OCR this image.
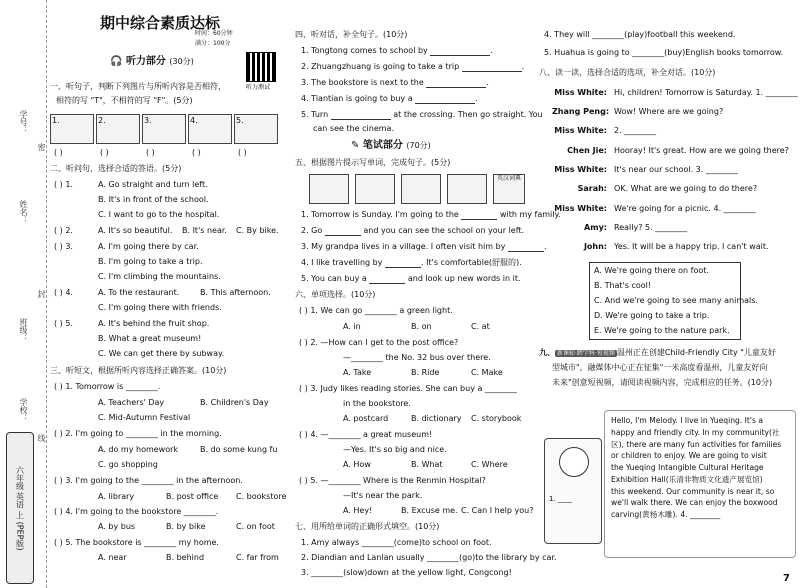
学号：
姓名：
班级：
学校：
密
封
线
六年级 英语 上 (PEP版)
期中综合素质达标
时间：60分钟
满分：100分
听力测试
🎧 听力部分 (30分)
一、听句子，判断下列图片与所听内容是否相符，
相符的写 "T"，不相符的写 "F"。(5分)
1.	2.	3.	4.	5.
( )	( )	( )	( )	( )
二、听问句，选择合适的答语。(5分)
( ) 1.	A. Go straight and turn left.
B. It's in front of the school.
C. I want to go to the hospital.
( ) 2.	A. It's so beautiful. B. It's near. C. By bike.
( ) 3.	A. I'm going there by car.
B. I'm going to take a trip.
C. I'm climbing the mountains.
( ) 4.	A. To the restaurant.	B. This afternoon.
C. I'm going there with friends.
( ) 5.	A. It's behind the fruit shop.
B. What a great museum!
C. We can get there by subway.
三、听短文，根据所听内容选择正确答案。(10分)
( ) 1. Tomorrow is ________.
A. Teachers' Day	B. Children's Day
C. Mid-Autumn Festival
( ) 2. I'm going to ________ in the morning.
A. do my homework	B. do some kung fu
C. go shopping
( ) 3. I'm going to the ________ in the afternoon.
A. library	B. post office C. bookstore
( ) 4. I'm going to the bookstore ________.
A. by bus	B. by bike	C. on foot
( ) 5. The bookstore is ________ my home.
A. near	B. behind	C. far from
四、听对话，补全句子。(10分)
1. Tongtong comes to school by	.
2. Zhuangzhuang is going to take a trip	.
3. The bookstore is next to the	.
4. Tiantian is going to buy a	.
5. Turn	at the crossing. Then go straight. You
can see the cinema.
✎ 笔试部分 (70分)
五、根据图片提示写单词，完成句子。(5分)
英汉词典
1. Tomorrow is Sunday. I'm going to the	with my family.
2. Go	and you can see the school on your left.
3. My grandpa lives in a village. I often visit him by	.
4. I like travelling by	. It's comfortable(舒服的).
5. You can buy a	and look up new words in it.
六、单项选择。(10分)
( ) 1. We can go ________ a green light.
A. in	B. on	C. at
( ) 2. —How can I get to the post office?
—________ the No. 32 bus over there.
A. Take	B. Ride	C. Make
( ) 3. Judy likes reading stories. She can buy a ________
in the bookstore.
A. postcard	B. dictionary C. storybook
( ) 4. —________ a great museum!
—Yes. It's so big and nice.
A. How	B. What	C. Where
( ) 5. —________ Where is the Renmin Hospital?
—It's near the park.
A. Hey!	B. Excuse me. C. Can I help you?
七、用所给单词的正确形式填空。(10分)
1. Amy always ________(come)to school on foot.
2. Diandian and Lanlan usually ________(go)to the library by car.
3. ________(slow)down at the yellow light, Congcong!
4. They will ________(play)football this weekend.
5. Huahua is going to ________(buy)English books tomorrow.
八、读一读，选择合适的选项，补全对话。(10分)
Miss White: Hi, children! Tomorrow is Saturday. 1. ________
Zhang Peng: Wow! Where are we going?
Miss White: 2. ________
Chen Jie: Hooray! It's great. How are we going there?
Miss White: It's near our school. 3. ________
Sarah: OK. What are we going to do there?
Miss White: We're going for a picnic. 4. ________
Amy: Really? 5. ________
John: Yes. It will be a happy trip. I can't wait.
A. We're going there on foot.
B. That's cool!
C. And we're going to see many animals.
D. We're going to take a trip.
E. We're going to the nature park.
九、 新课标·跨学科·短视频 温州正在创建Child-Friendly City "儿童友好
型城市"，融媒体中心正在征集"一米高度看温州，儿童友好向
未来"创意短视频，请阅读视频内容，完成相应的任务。(10分)
1. ____
Hello, I'm Melody. I live in Yueqing. It's a
happy and friendly city. In my community(社
区), there are many fun activities for families
or children to enjoy. We are going to visit
the Yueqing Intangible Cultural Heritage
Exhibition Hall(乐清非物质文化遗产展览馆)
this weekend. Our community is near it, so
we'll walk there. We can enjoy the boxwood
carving(黄杨木雕). 4. ________
7
